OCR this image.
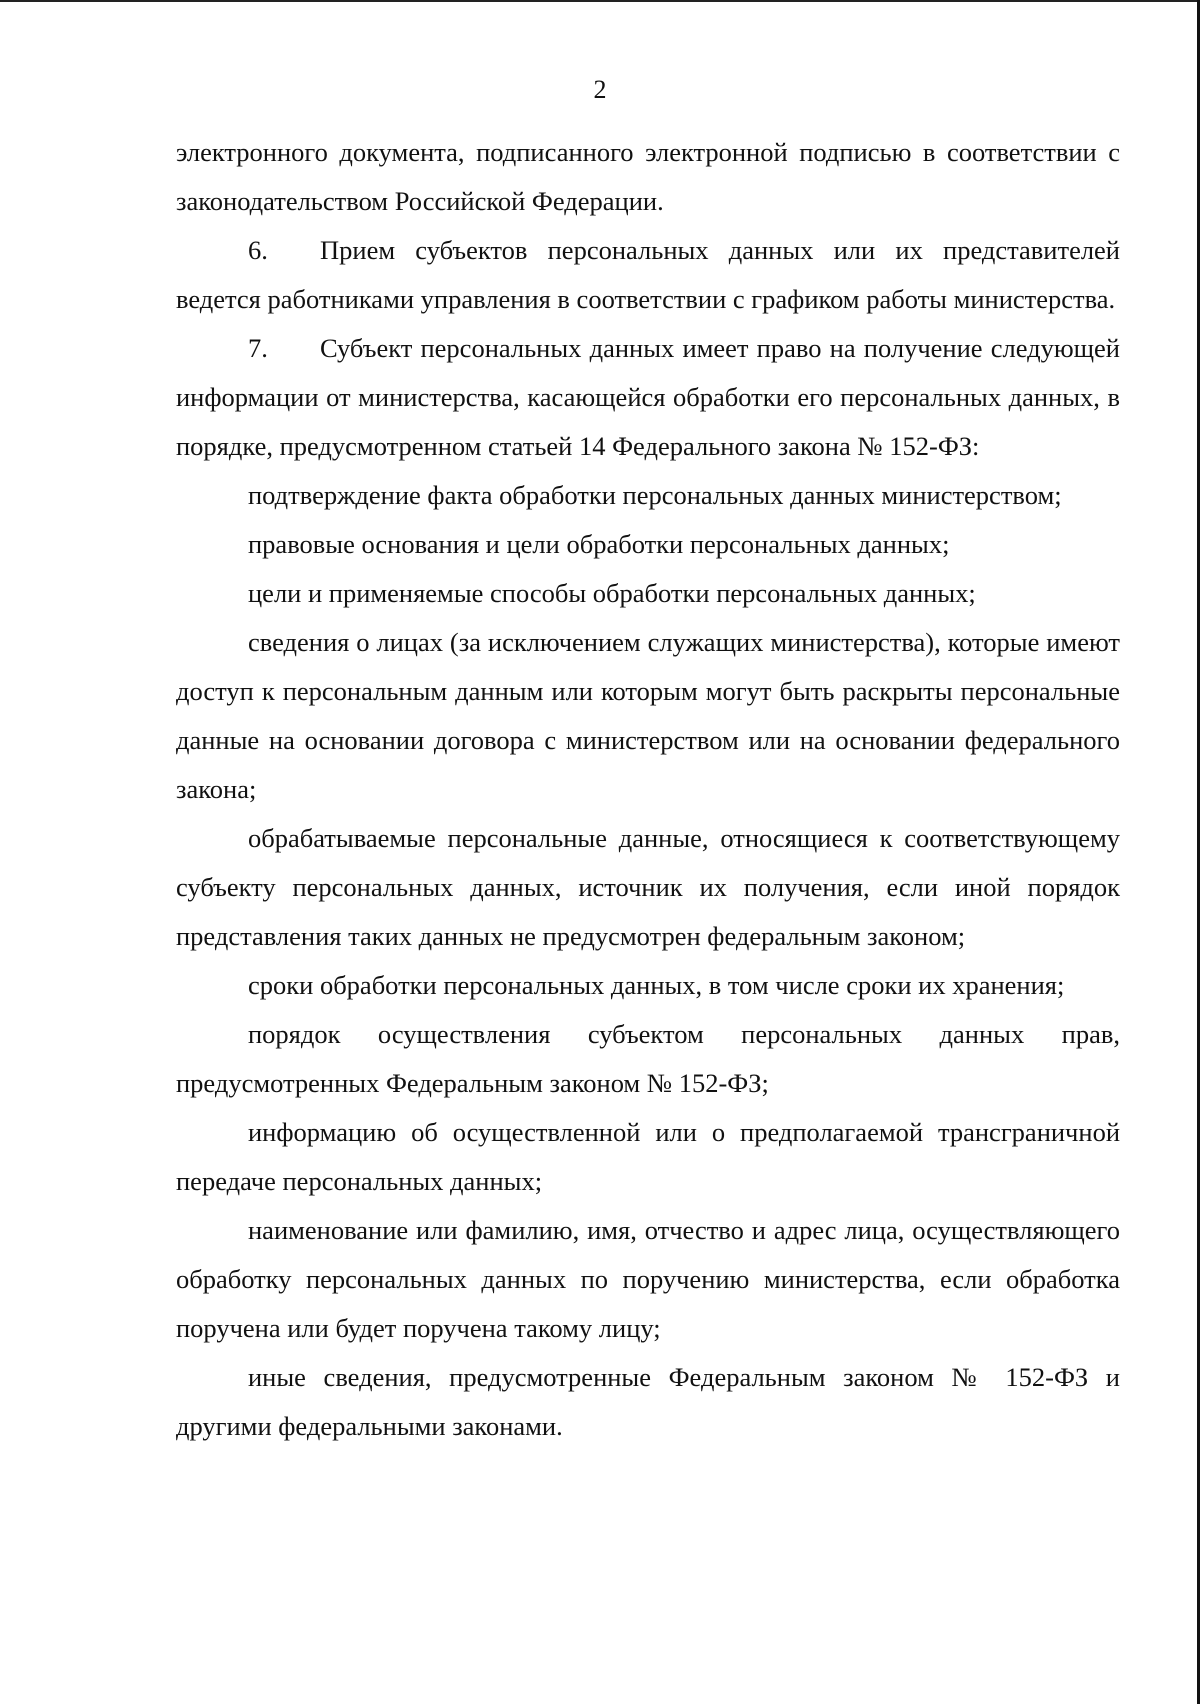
2

электронного документа, подписанного электронной подписью в соответствии с законодательством Российской Федерации.

6. Прием субъектов персональных данных или их представителей ведется работниками управления в соответствии с графиком работы министерства.

7. Субъект персональных данных имеет право на получение следующей информации от министерства, касающейся обработки его персональных данных, в порядке, предусмотренном статьей 14 Федерального закона № 152-ФЗ:

подтверждение факта обработки персональных данных министерством;

правовые основания и цели обработки персональных данных;

цели и применяемые способы обработки персональных данных;

сведения о лицах (за исключением служащих министерства), которые имеют доступ к персональным данным или которым могут быть раскрыты персональные данные на основании договора с министерством или на основании федерального закона;

обрабатываемые персональные данные, относящиеся к соответствующему субъекту персональных данных, источник их получения, если иной порядок представления таких данных не предусмотрен федеральным законом;

сроки обработки персональных данных, в том числе сроки их хранения;

порядок осуществления субъектом персональных данных прав, предусмотренных Федеральным законом № 152-ФЗ;

информацию об осуществленной или о предполагаемой трансграничной передаче персональных данных;

наименование или фамилию, имя, отчество и адрес лица, осуществляющего обработку персональных данных по поручению министерства, если обработка поручена или будет поручена такому лицу;

иные сведения, предусмотренные Федеральным законом № 152-ФЗ и другими федеральными законами.
